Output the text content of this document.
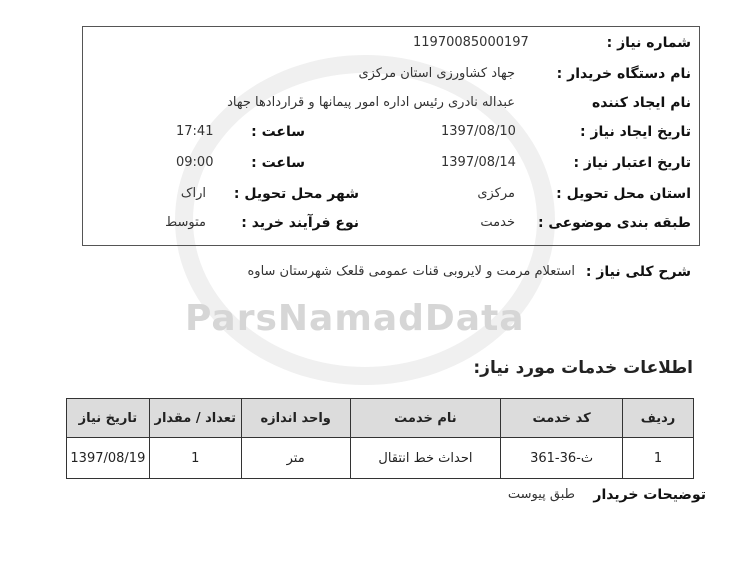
ParsNamadData
شماره نیاز :
11970085000197
نام دستگاه خریدار :
جهاد کشاورزی استان مرکزی
نام ایجاد کننده
عبداله نادری رئیس اداره امور پیمانها و قراردادها جهاد
تاریخ ایجاد نیاز :
1397/08/10
ساعت :
17:41
تاریخ اعتبار نیاز :
1397/08/14
ساعت :
09:00
استان محل تحویل :
مرکزی
شهر محل تحویل :
اراک
طبقه بندی موضوعی :
خدمت
نوع فرآیند خرید :
متوسط
شرح کلی نیاز :
استعلام مرمت و لایروبی قنات عمومی قلعک شهرستان ساوه
اطلاعات خدمات مورد نیاز:
ردیف	کد خدمت	نام خدمت	واحد اندازه	تعداد / مقدار	تاریخ نیاز
1	ث-36-361	احداث خط انتقال	متر	1	1397/08/19
توضیحات خریدار
طبق پیوست
